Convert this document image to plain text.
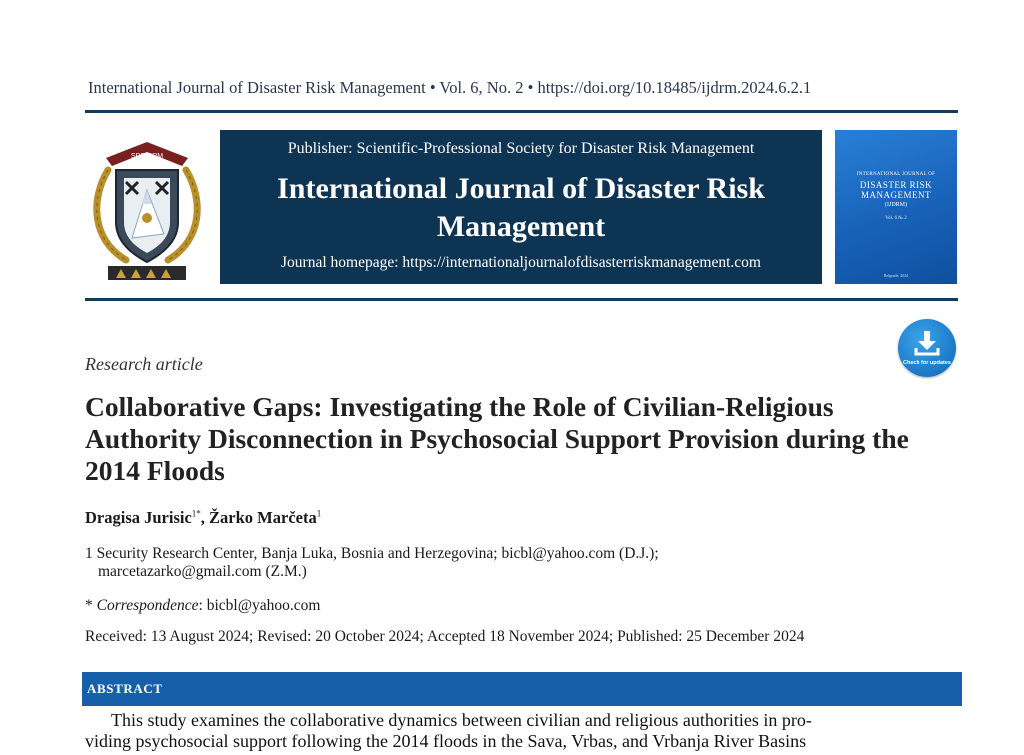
International Journal of Disaster Risk Management • Vol. 6, No. 2 • https://doi.org/10.18485/ijdrm.2024.6.2.1
SPS-DRM	Publisher: Scientific-Professional Society for Disaster Risk Management
International Journal of Disaster Risk Management
Journal homepage: https://internationaljournalofdisasterriskmanagement.com
INTERNATIONAL JOURNAL OF
DISASTER RISK MANAGEMENT
(IJDRM)
Vol. 6 № 2
Belgrade, 2024
Check for updates
Research article
Collaborative Gaps: Investigating the Role of Civilian-Religious Authority Disconnection in Psychosocial Support Provision during the 2014 Floods
Dragisa Jurisic$^{1*}$, Žarko Marčeta$^1$
1 Security Research Center, Banja Luka, Bosnia and Herzegovina; bicbl@yahoo.com (D.J.);
marcetazarko@gmail.com (Z.M.)
* Correspondence: bicbl@yahoo.com
Received: 13 August 2024; Revised: 20 October 2024; Accepted 18 November 2024; Published: 25 December 2024
ABSTRACT
This study examines the collaborative dynamics between civilian and religious authorities in pro-
viding psychosocial support following the 2014 floods in the Sava, Vrbas, and Vrbanja River Basins
